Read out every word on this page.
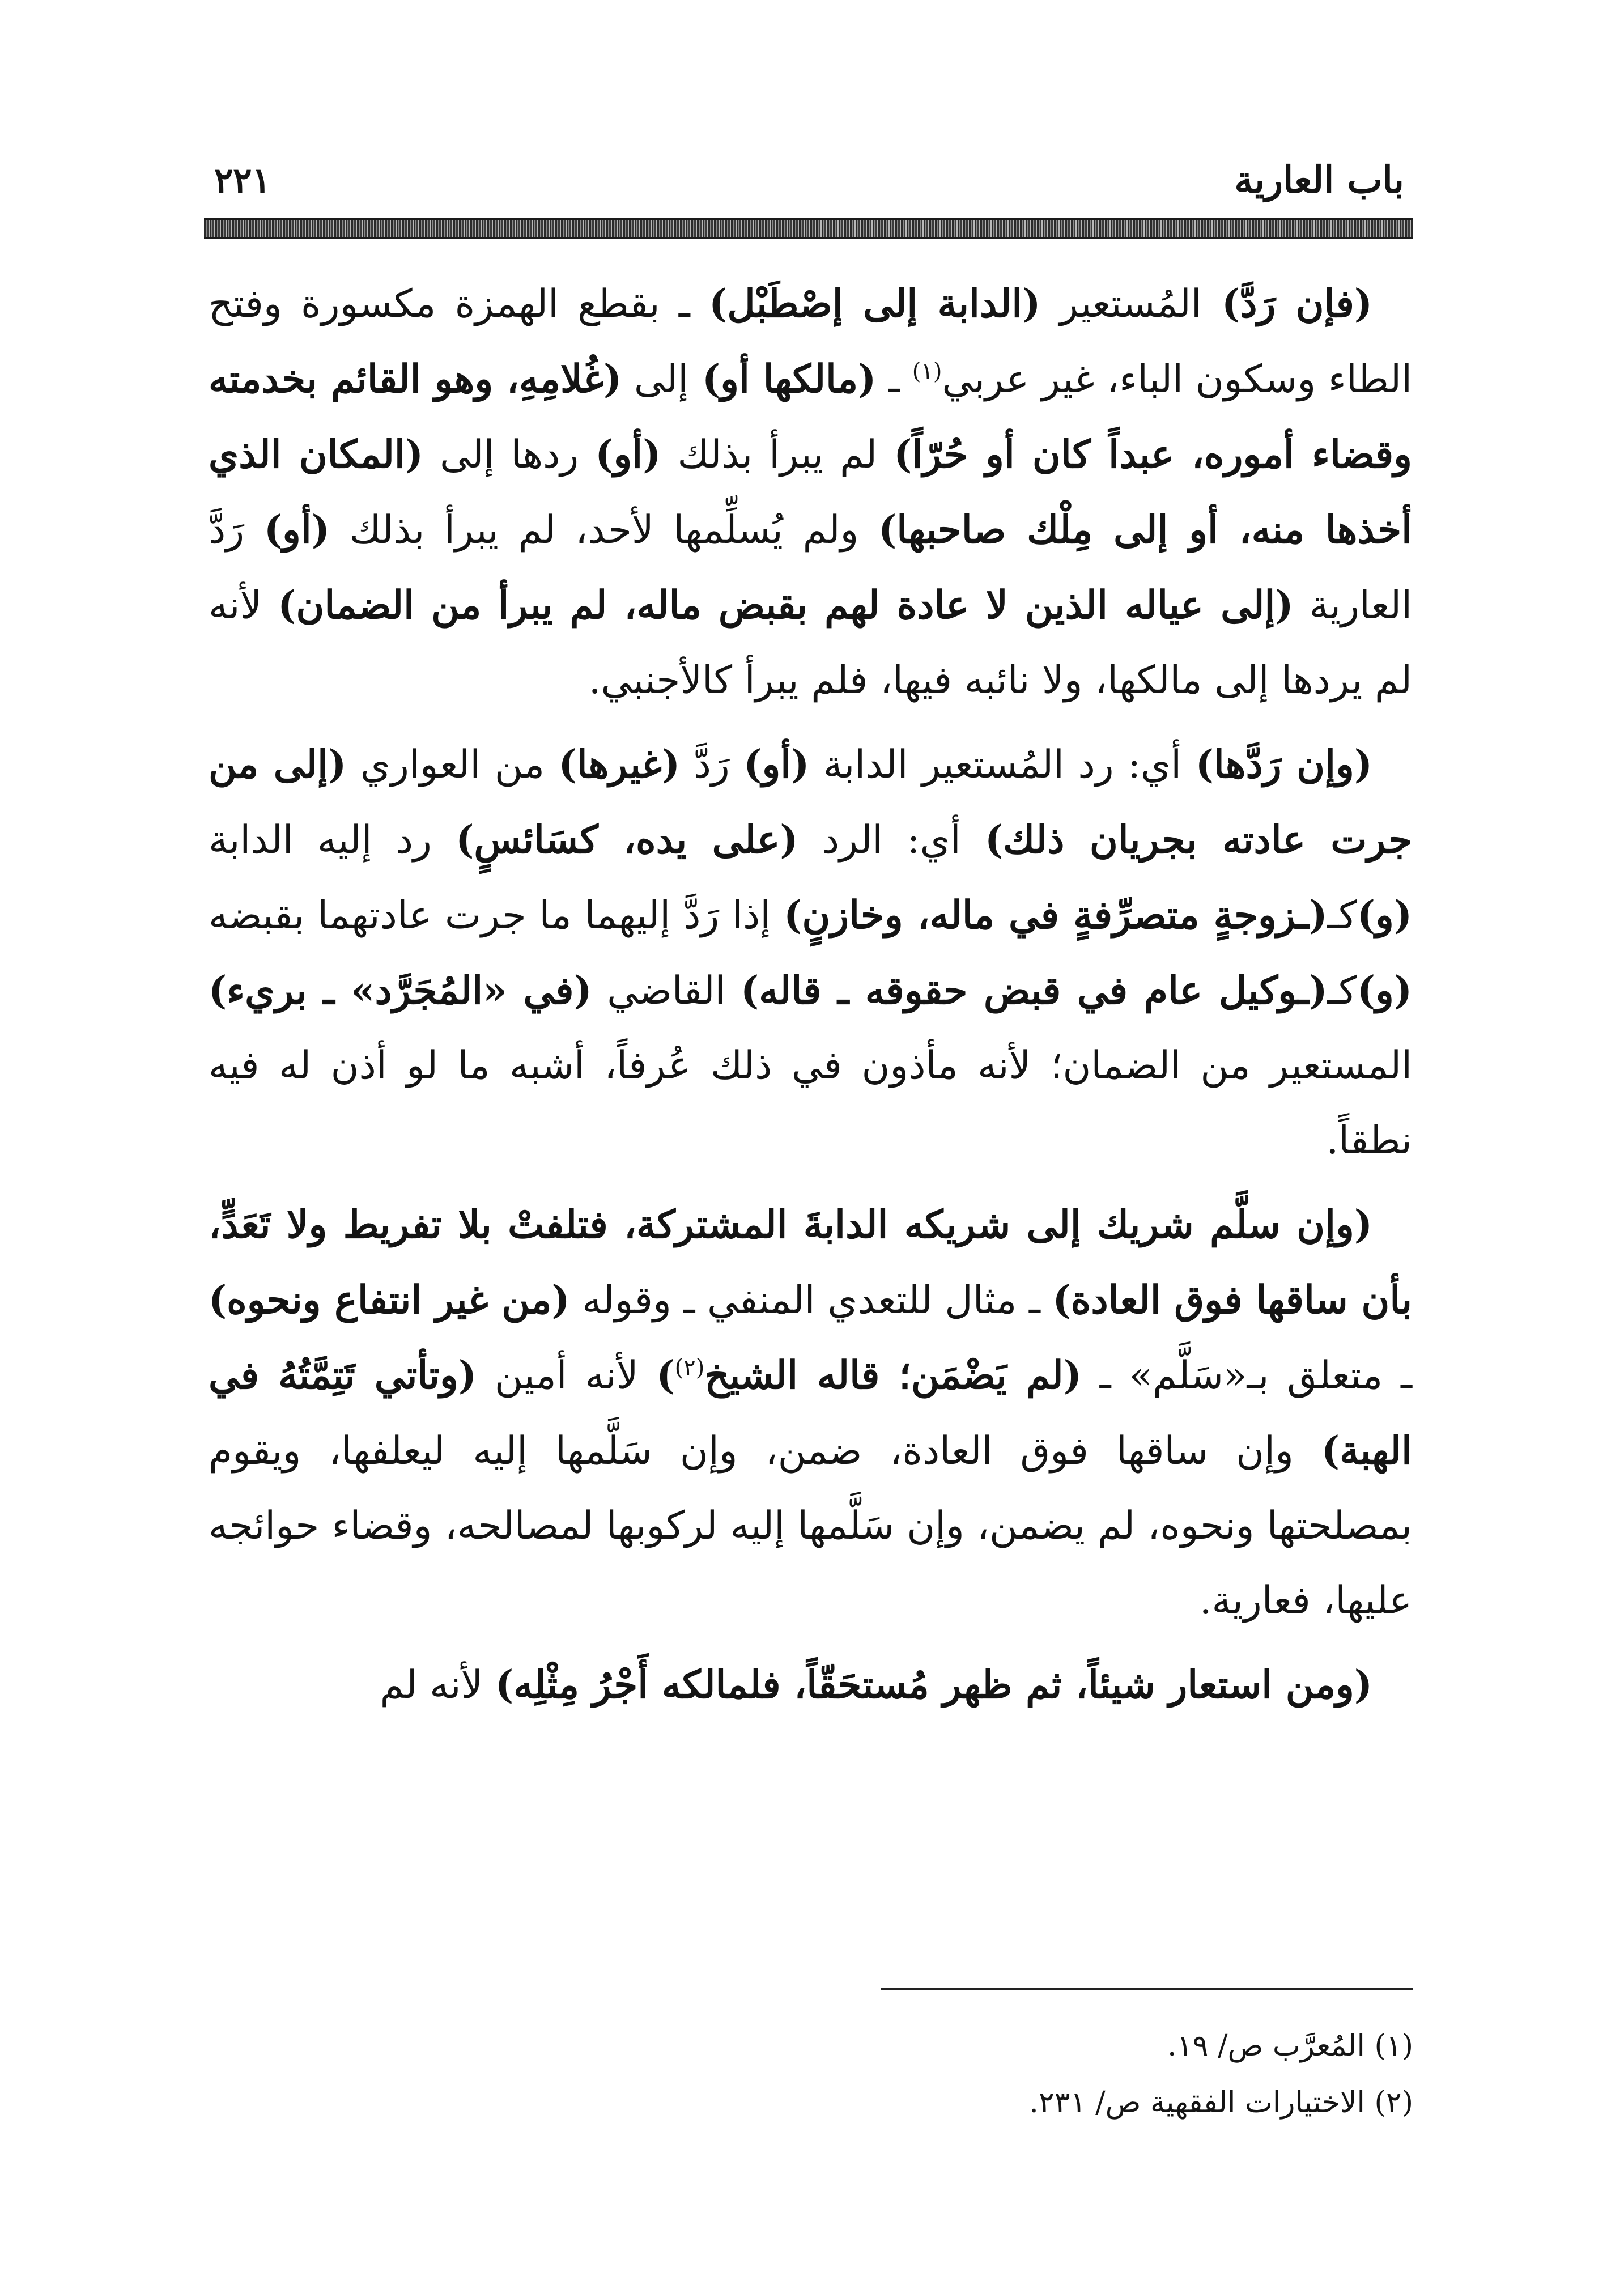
باب العارية
٢٢١

(فإن رَدَّ) المُستعير (الدابة إلى إصْطَبْل) ـ بقطع الهمزة مكسورة وفتح الطاء وسكون الباء، غير عربي$^{(١)}$ ـ (مالكها أو) إلى (غُلامِهِ، وهو القائم بخدمته وقضاء أموره، عبداً كان أو حُرّاً) لم يبرأ بذلك (أو) ردها إلى (المكان الذي أخذها منه، أو إلى مِلْك صاحبها) ولم يُسلِّمها لأحد، لم يبرأ بذلك (أو) رَدَّ العارية (إلى عياله الذين لا عادة لهم بقبض ماله، لم يبرأ من الضمان) لأنه لم يردها إلى مالكها، ولا نائبه فيها، فلم يبرأ كالأجنبي.

(وإن رَدَّها) أي: رد المُستعير الدابة (أو) رَدَّ (غيرها) من العواري (إلى من جرت عادته بجريان ذلك) أي: الرد (على يده، كسَائسٍ) رد إليه الدابة (و)كـ(ـزوجةٍ متصرِّفةٍ في ماله، وخازنٍ) إذا رَدَّ إليهما ما جرت عادتهما بقبضه (و)كـ(ـوكيل عام في قبض حقوقه ـ قاله) القاضي (في «المُجَرَّد» ـ بريء) المستعير من الضمان؛ لأنه مأذون في ذلك عُرفاً، أشبه ما لو أذن له فيه نطقاً.

(وإن سلَّم شريك إلى شريكه الدابةَ المشتركة، فتلفتْ بلا تفريط ولا تَعَدٍّ، بأن ساقها فوق العادة) ـ مثال للتعدي المنفي ـ وقوله (من غير انتفاع ونحوه) ـ متعلق بـ«سَلَّم» ـ (لم يَضْمَن؛ قاله الشيخ$^{(٢)}$) لأنه أمين (وتأتي تَتِمَّتُهُ في الهبة) وإن ساقها فوق العادة، ضمن، وإن سَلَّمها إليه ليعلفها، ويقوم بمصلحتها ونحوه، لم يضمن، وإن سَلَّمها إليه لركوبها لمصالحه، وقضاء حوائجه عليها، فعارية.

(ومن استعار شيئاً، ثم ظهر مُستحَقّاً، فلمالكه أَجْرُ مِثْلِه) لأنه لم

(١) المُعرَّب ص/ ١٩.
(٢) الاختيارات الفقهية ص/ ٢٣١.
